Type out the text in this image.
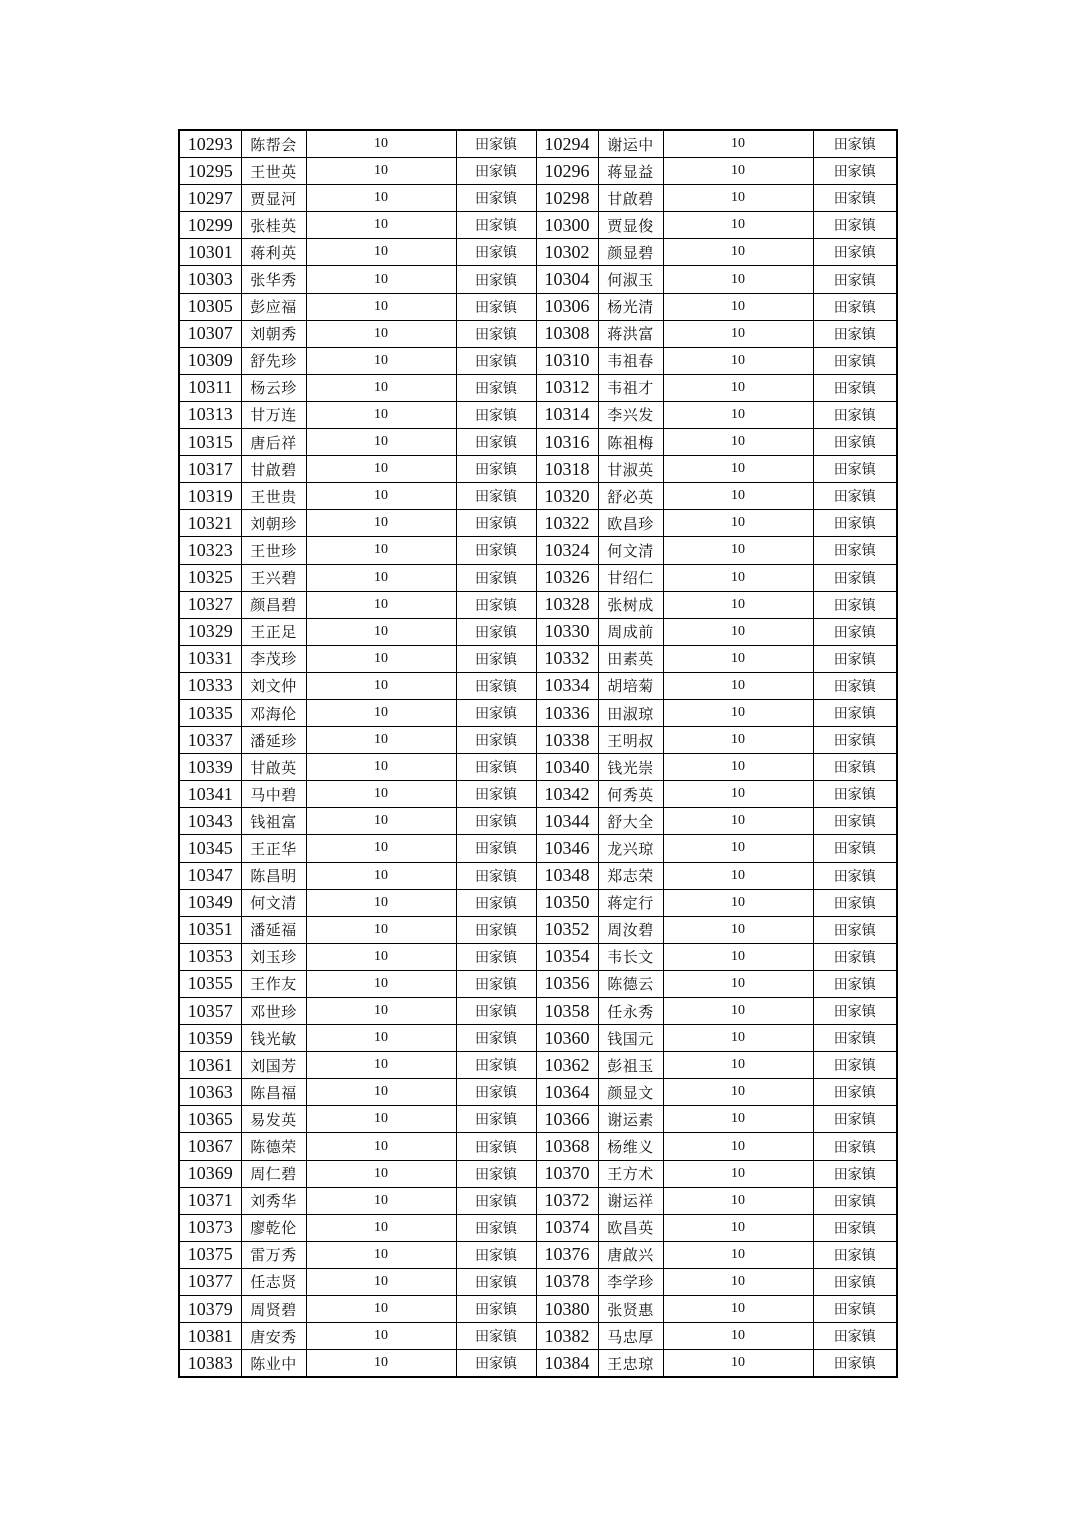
10293	陈帮会	10	田家镇	10294	谢运中	10	田家镇
10295	王世英	10	田家镇	10296	蒋显益	10	田家镇
10297	贾显河	10	田家镇	10298	甘啟碧	10	田家镇
10299	张桂英	10	田家镇	10300	贾显俊	10	田家镇
10301	蒋利英	10	田家镇	10302	颜显碧	10	田家镇
10303	张华秀	10	田家镇	10304	何淑玉	10	田家镇
10305	彭应福	10	田家镇	10306	杨光清	10	田家镇
10307	刘朝秀	10	田家镇	10308	蒋洪富	10	田家镇
10309	舒先珍	10	田家镇	10310	韦祖春	10	田家镇
10311	杨云珍	10	田家镇	10312	韦祖才	10	田家镇
10313	甘万连	10	田家镇	10314	李兴发	10	田家镇
10315	唐后祥	10	田家镇	10316	陈祖梅	10	田家镇
10317	甘啟碧	10	田家镇	10318	甘淑英	10	田家镇
10319	王世贵	10	田家镇	10320	舒必英	10	田家镇
10321	刘朝珍	10	田家镇	10322	欧昌珍	10	田家镇
10323	王世珍	10	田家镇	10324	何文清	10	田家镇
10325	王兴碧	10	田家镇	10326	甘绍仁	10	田家镇
10327	颜昌碧	10	田家镇	10328	张树成	10	田家镇
10329	王正足	10	田家镇	10330	周成前	10	田家镇
10331	李茂珍	10	田家镇	10332	田素英	10	田家镇
10333	刘文仲	10	田家镇	10334	胡培菊	10	田家镇
10335	邓海伦	10	田家镇	10336	田淑琼	10	田家镇
10337	潘延珍	10	田家镇	10338	王明叔	10	田家镇
10339	甘啟英	10	田家镇	10340	钱光崇	10	田家镇
10341	马中碧	10	田家镇	10342	何秀英	10	田家镇
10343	钱祖富	10	田家镇	10344	舒大全	10	田家镇
10345	王正华	10	田家镇	10346	龙兴琼	10	田家镇
10347	陈昌明	10	田家镇	10348	郑志荣	10	田家镇
10349	何文清	10	田家镇	10350	蒋定行	10	田家镇
10351	潘延福	10	田家镇	10352	周汝碧	10	田家镇
10353	刘玉珍	10	田家镇	10354	韦长文	10	田家镇
10355	王作友	10	田家镇	10356	陈德云	10	田家镇
10357	邓世珍	10	田家镇	10358	任永秀	10	田家镇
10359	钱光敏	10	田家镇	10360	钱国元	10	田家镇
10361	刘国芳	10	田家镇	10362	彭祖玉	10	田家镇
10363	陈昌福	10	田家镇	10364	颜显文	10	田家镇
10365	易发英	10	田家镇	10366	谢运素	10	田家镇
10367	陈德荣	10	田家镇	10368	杨维义	10	田家镇
10369	周仁碧	10	田家镇	10370	王方术	10	田家镇
10371	刘秀华	10	田家镇	10372	谢运祥	10	田家镇
10373	廖乾伦	10	田家镇	10374	欧昌英	10	田家镇
10375	雷万秀	10	田家镇	10376	唐啟兴	10	田家镇
10377	任志贤	10	田家镇	10378	李学珍	10	田家镇
10379	周贤碧	10	田家镇	10380	张贤惠	10	田家镇
10381	唐安秀	10	田家镇	10382	马忠厚	10	田家镇
10383	陈业中	10	田家镇	10384	王忠琼	10	田家镇
